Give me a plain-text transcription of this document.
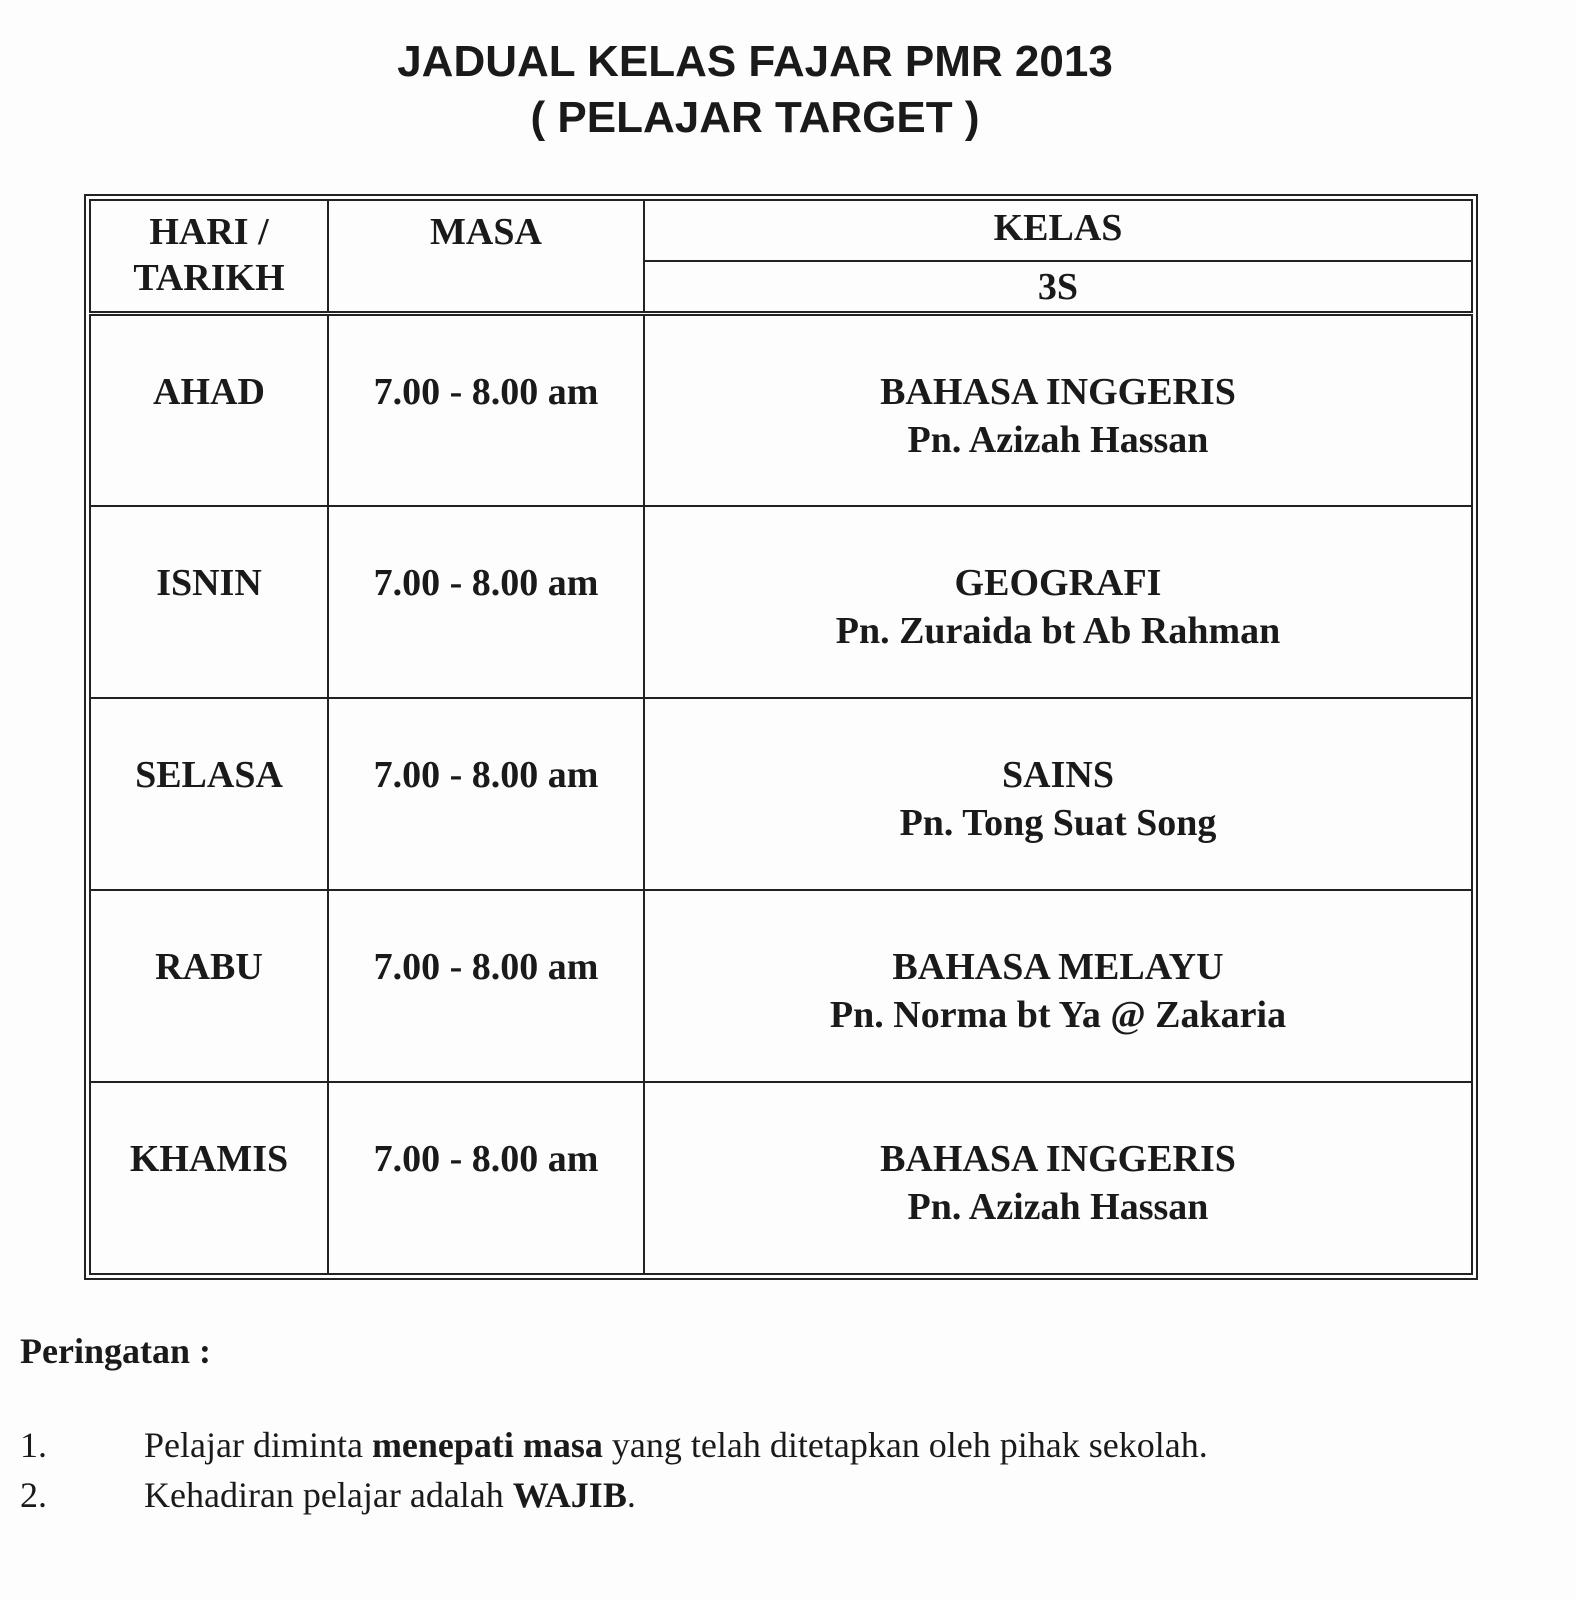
JADUAL KELAS FAJAR PMR 2013
( PELAJAR TARGET )
HARI /
TARIKH	MASA	KELAS
		3S
AHAD	7.00 - 8.00 am	BAHASA INGGERIS
Pn. Azizah Hassan

ISNIN	7.00 - 8.00 am	GEOGRAFI
Pn. Zuraida bt Ab Rahman

SELASA	7.00 - 8.00 am	SAINS
Pn. Tong Suat Song

RABU	7.00 - 8.00 am	BAHASA MELAYU
Pn. Norma bt Ya @ Zakaria

KHAMIS	7.00 - 8.00 am	BAHASA INGGERIS
Pn. Azizah Hassan
Peringatan :
1.	Pelajar diminta menepati masa yang telah ditetapkan oleh pihak sekolah.
2.	Kehadiran pelajar adalah WAJIB.
